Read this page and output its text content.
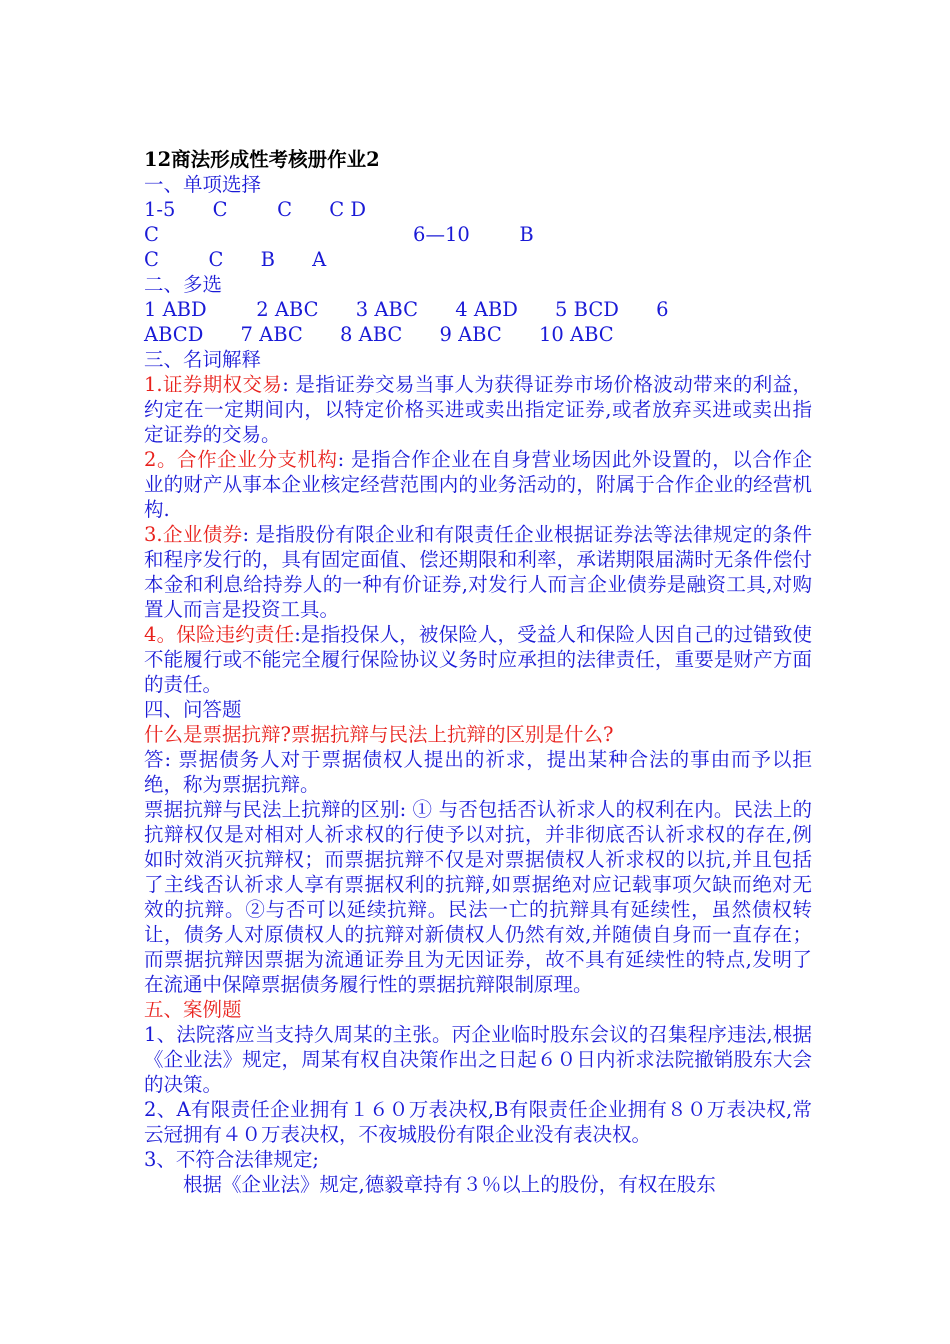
12商法形成性考核册作业2
一、单项选择
1-5      C        C      C D
C                                         6—10        B
C        C      B      A
二、多选
1 ABD        2 ABC      3 ABC      4 ABD      5 BCD      6
ABCD      7 ABC      8 ABC      9 ABC      10 ABC
三、名词解释
1.证券期权交易: 是指证券交易当事人为获得证券市场价格波动带来的利益，约定在一定期间内，以特定价格买进或卖出指定证券,或者放弃买进或卖出指定证券的交易。
2。合作企业分支机构: 是指合作企业在自身营业场因此外设置的，以合作企业的财产从事本企业核定经营范围内的业务活动的，附属于合作企业的经营机构.
3.企业债券: 是指股份有限企业和有限责任企业根据证券法等法律规定的条件和程序发行的，具有固定面值、偿还期限和利率，承诺期限届满时无条件偿付本金和利息给持券人的一种有价证券,对发行人而言企业债券是融资工具,对购置人而言是投资工具。
4。保险违约责任:是指投保人，被保险人，受益人和保险人因自己的过错致使不能履行或不能完全履行保险协议义务时应承担的法律责任，重要是财产方面的责任。
四、问答题
什么是票据抗辩?票据抗辩与民法上抗辩的区别是什么?
答: 票据债务人对于票据债权人提出的祈求，提出某种合法的事由而予以拒绝，称为票据抗辩。
票据抗辩与民法上抗辩的区别: ① 与否包括否认祈求人的权利在内。民法上的抗辩权仅是对相对人祈求权的行使予以对抗，并非彻底否认祈求权的存在,例如时效消灭抗辩权；而票据抗辩不仅是对票据债权人祈求权的以抗,并且包括了主线否认祈求人享有票据权利的抗辩,如票据绝对应记载事项欠缺而绝对无效的抗辩。②与否可以延续抗辩。民法一亡的抗辩具有延续性，虽然债权转让，债务人对原债权人的抗辩对新债权人仍然有效,并随债自身而一直存在；而票据抗辩因票据为流通证券且为无因证券，故不具有延续性的特点,发明了在流通中保障票据债务履行性的票据抗辩限制原理。
五、案例题
1、法院落应当支持久周某的主张。丙企业临时股东会议的召集程序违法,根据《企业法》规定，周某有权自决策作出之日起６０日内祈求法院撤销股东大会的决策。
2、A有限责任企业拥有１６０万表决权,B有限责任企业拥有８０万表决权,常云冠拥有４０万表决权，不夜城股份有限企业没有表决权。
3、不符合法律规定;
根据《企业法》规定,德毅章持有３％以上的股份，有权在股东
